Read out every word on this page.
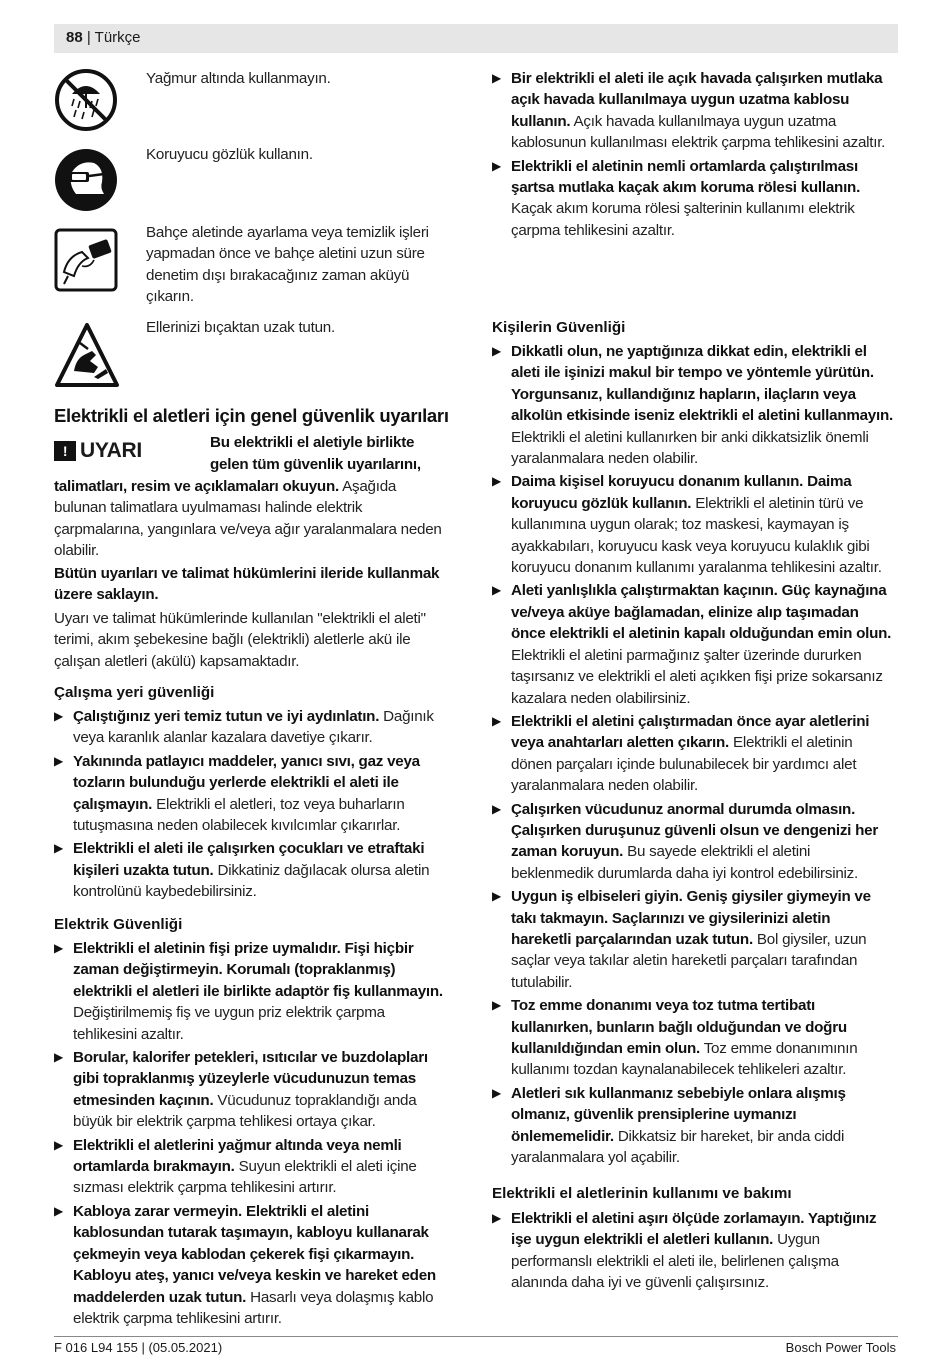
88 | Türkçe
Yağmur altında kullanmayın.
Koruyucu gözlük kullanın.
Bahçe aletinde ayarlama veya temizlik işleri yapmadan önce ve bahçe aletini uzun süre denetim dışı bırakacağınız zaman aküyü çıkarın.
Ellerinizi bıçaktan uzak tutun.
Elektrikli el aletleri için genel güvenlik uyarıları
! UYARI	Bu elektrikli el aletiyle birlikte
gelen tüm güvenlik uyarılarını,
talimatları, resim ve açıklamaları okuyun. Aşağıda bulunan talimatlara uyulmaması halinde elektrik çarpmalarına, yangınlara ve/veya ağır yaralanmalara neden olabilir.
Bütün uyarıları ve talimat hükümlerini ileride kullanmak üzere saklayın.
Uyarı ve talimat hükümlerinde kullanılan "elektrikli el aleti" terimi, akım şebekesine bağlı (elektrikli) aletlerle akü ile çalışan aletleri (akülü) kapsamaktadır.
Çalışma yeri güvenliği
▶ Çalıştığınız yeri temiz tutun ve iyi aydınlatın. Dağınık veya karanlık alanlar kazalara davetiye çıkarır.
▶ Yakınında patlayıcı maddeler, yanıcı sıvı, gaz veya tozların bulunduğu yerlerde elektrikli el aleti ile çalışmayın. Elektrikli el aletleri, toz veya buharların tutuşmasına neden olabilecek kıvılcımlar çıkarırlar.
▶ Elektrikli el aleti ile çalışırken çocukları ve etraftaki kişileri uzakta tutun. Dikkatiniz dağılacak olursa aletin kontrolünü kaybedebilirsiniz.
Elektrik Güvenliği
▶ Elektrikli el aletinin fişi prize uymalıdır. Fişi hiçbir zaman değiştirmeyin. Korumalı (topraklanmış) elektrikli el aletleri ile birlikte adaptör fiş kullanmayın. Değiştirilmemiş fiş ve uygun priz elektrik çarpma tehlikesini azaltır.
▶ Borular, kalorifer petekleri, ısıtıcılar ve buzdolapları gibi topraklanmış yüzeylerle vücudunuzun temas etmesinden kaçının. Vücudunuz topraklandığı anda büyük bir elektrik çarpma tehlikesi ortaya çıkar.
▶ Elektrikli el aletlerini yağmur altında veya nemli ortamlarda bırakmayın. Suyun elektrikli el aleti içine sızması elektrik çarpma tehlikesini artırır.
▶ Kabloya zarar vermeyin. Elektrikli el aletini kablosundan tutarak taşımayın, kabloyu kullanarak çekmeyin veya kablodan çekerek fişi çıkarmayın. Kabloyu ateş, yanıcı ve/veya keskin ve hareket eden maddelerden uzak tutun. Hasarlı veya dolaşmış kablo elektrik çarpma tehlikesini artırır.
▶ Bir elektrikli el aleti ile açık havada çalışırken mutlaka açık havada kullanılmaya uygun uzatma kablosu kullanın. Açık havada kullanılmaya uygun uzatma kablosunun kullanılması elektrik çarpma tehlikesini azaltır.
▶ Elektrikli el aletinin nemli ortamlarda çalıştırılması şartsa mutlaka kaçak akım koruma rölesi kullanın. Kaçak akım koruma rölesi şalterinin kullanımı elektrik çarpma tehlikesini azaltır.
Kişilerin Güvenliği
▶ Dikkatli olun, ne yaptığınıza dikkat edin, elektrikli el aleti ile işinizi makul bir tempo ve yöntemle yürütün. Yorgunsanız, kullandığınız hapların, ilaçların veya alkolün etkisinde iseniz elektrikli el aletini kullanmayın. Elektrikli el aletini kullanırken bir anki dikkatsizlik önemli yaralanmalara neden olabilir.
▶ Daima kişisel koruyucu donanım kullanın. Daima koruyucu gözlük kullanın. Elektrikli el aletinin türü ve kullanımına uygun olarak; toz maskesi, kaymayan iş ayakkabıları, koruyucu kask veya koruyucu kulaklık gibi koruyucu donanım kullanımı yaralanma tehlikesini azaltır.
▶ Aleti yanlışlıkla çalıştırmaktan kaçının. Güç kaynağına ve/veya aküye bağlamadan, elinize alıp taşımadan önce elektrikli el aletinin kapalı olduğundan emin olun. Elektrikli el aletini parmağınız şalter üzerinde dururken taşırsanız ve elektrikli el aleti açıkken fişi prize sokarsanız kazalara neden olabilirsiniz.
▶ Elektrikli el aletini çalıştırmadan önce ayar aletlerini veya anahtarları aletten çıkarın. Elektrikli el aletinin dönen parçaları içinde bulunabilecek bir yardımcı alet yaralanmalara neden olabilir.
▶ Çalışırken vücudunuz anormal durumda olmasın. Çalışırken duruşunuz güvenli olsun ve dengenizi her zaman koruyun. Bu sayede elektrikli el aletini beklenmedik durumlarda daha iyi kontrol edebilirsiniz.
▶ Uygun iş elbiseleri giyin. Geniş giysiler giymeyin ve takı takmayın. Saçlarınızı ve giysilerinizi aletin hareketli parçalarından uzak tutun. Bol giysiler, uzun saçlar veya takılar aletin hareketli parçaları tarafından tutulabilir.
▶ Toz emme donanımı veya toz tutma tertibatı kullanırken, bunların bağlı olduğundan ve doğru kullanıldığından emin olun. Toz emme donanımının kullanımı tozdan kaynalanabilecek tehlikeleri azaltır.
▶ Aletleri sık kullanmanız sebebiyle onlara alışmış olmanız, güvenlik prensiplerine uymanızı önlememelidir. Dikkatsiz bir hareket, bir anda ciddi yaralanmalara yol açabilir.
Elektrikli el aletlerinin kullanımı ve bakımı
▶ Elektrikli el aletini aşırı ölçüde zorlamayın. Yaptığınız işe uygun elektrikli el aletleri kullanın. Uygun performanslı elektrikli el aleti ile, belirlenen çalışma alanında daha iyi ve güvenli çalışırsınız.
F 016 L94 155 | (05.05.2021)	Bosch Power Tools
